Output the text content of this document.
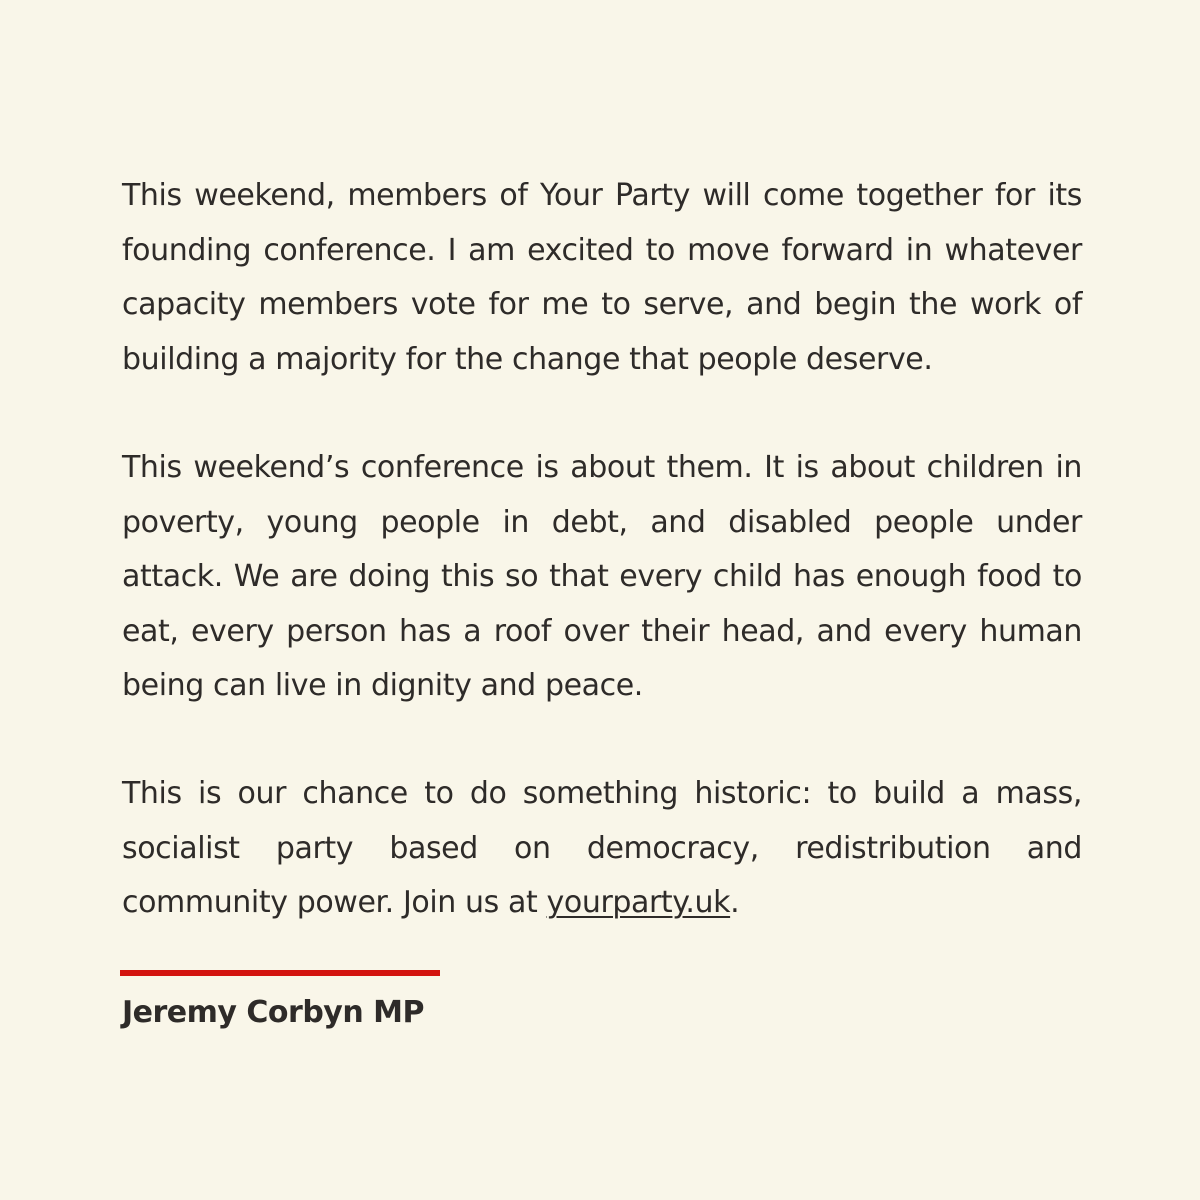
This weekend, members of Your Party will come together for its founding conference. I am excited to move forward in whatever capacity members vote for me to serve, and begin the work of building a majority for the change that people deserve.

This weekend’s conference is about them. It is about children in poverty, young people in debt, and disabled people under attack. We are doing this so that every child has enough food to eat, every person has a roof over their head, and every human being can live in dignity and peace.

This is our chance to do something historic: to build a mass, socialist party based on democracy, redistribution and community power. Join us at yourparty.uk.

Jeremy Corbyn MP
